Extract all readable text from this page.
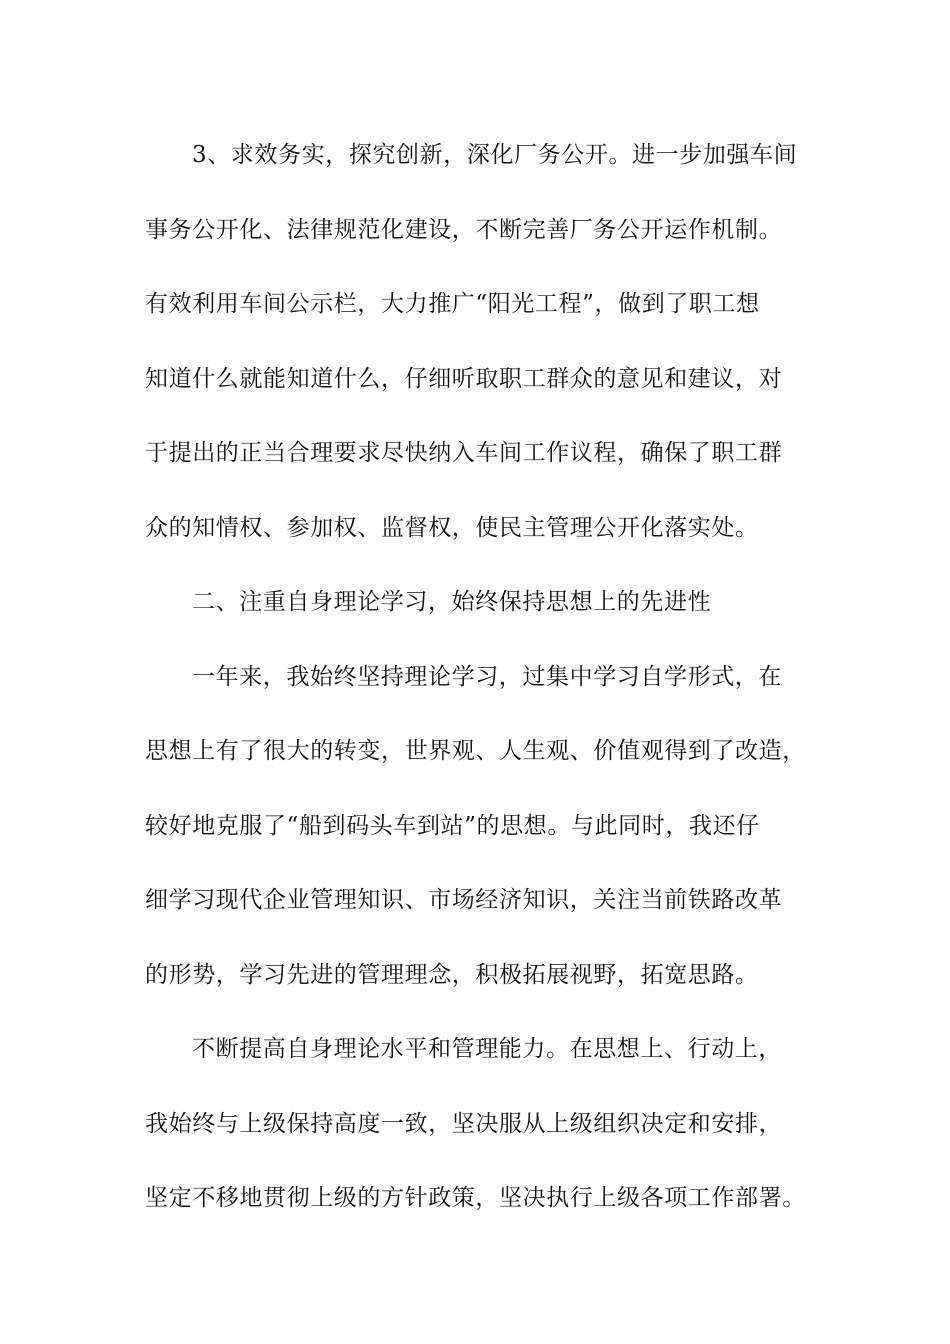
3、求效务实，探究创新，深化厂务公开。进一步加强车间
事务公开化、法律规范化建设，不断完善厂务公开运作机制。
有效利用车间公示栏，大力推广“阳光工程”，做到了职工想
知道什么就能知道什么，仔细听取职工群众的意见和建议，对
于提出的正当合理要求尽快纳入车间工作议程，确保了职工群
众的知情权、参加权、监督权，使民主管理公开化落实处。
二、注重自身理论学习，始终保持思想上的先进性
一年来，我始终坚持理论学习，过集中学习自学形式，在
思想上有了很大的转变，世界观、人生观、价值观得到了改造，
较好地克服了“船到码头车到站”的思想。与此同时，我还仔
细学习现代企业管理知识、市场经济知识，关注当前铁路改革
的形势，学习先进的管理理念，积极拓展视野，拓宽思路。
不断提高自身理论水平和管理能力。在思想上、行动上，
我始终与上级保持高度一致，坚决服从上级组织决定和安排，
坚定不移地贯彻上级的方针政策，坚决执行上级各项工作部署。
